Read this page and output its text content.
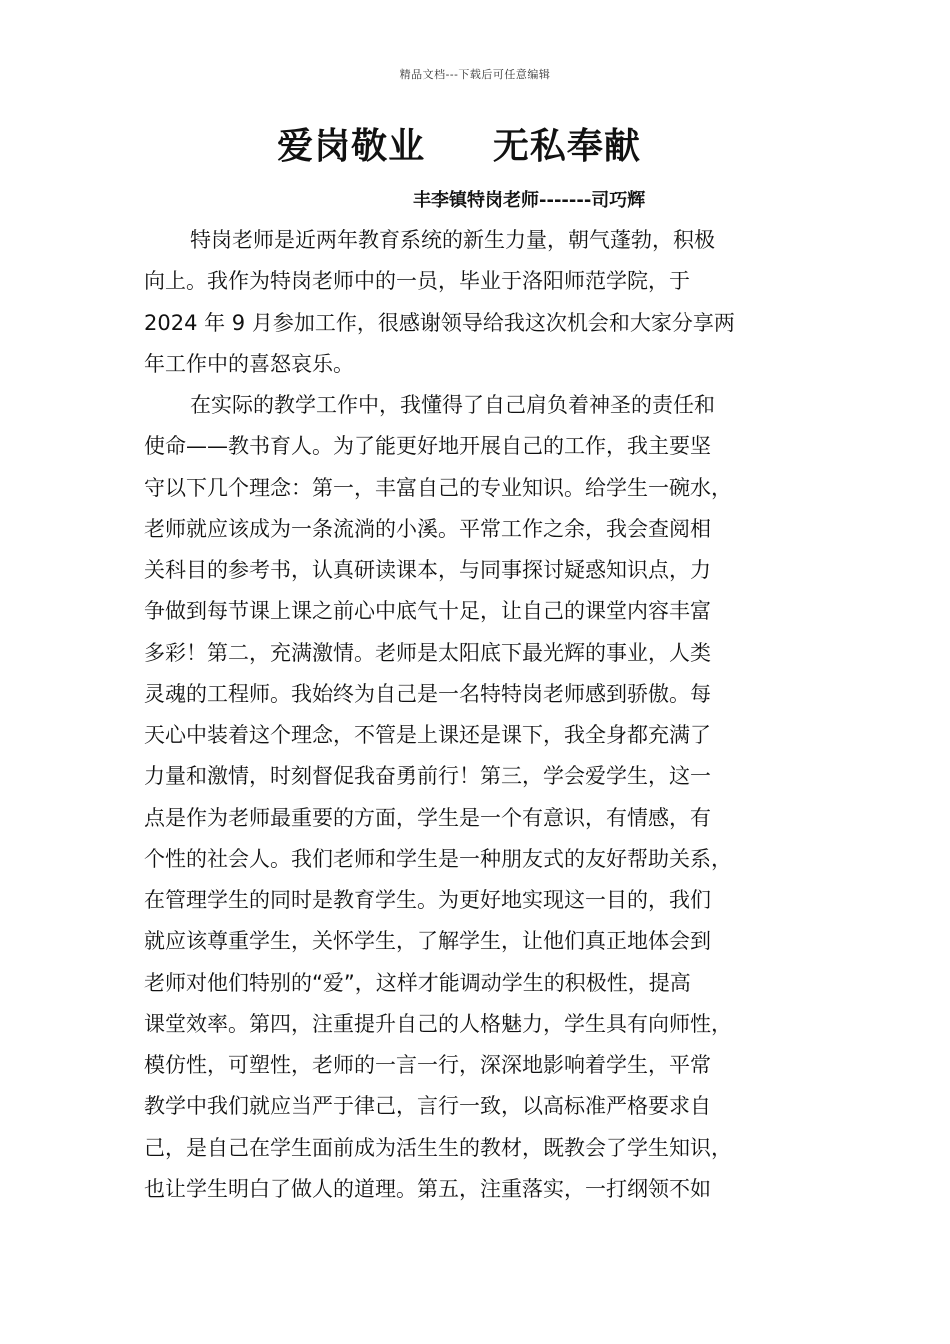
精品文档---下载后可任意编辑
爱岗敬业     无私奉献
丰李镇特岗老师-------司巧辉
特岗老师是近两年教育系统的新生力量，朝气蓬勃，积极
向上。我作为特岗老师中的一员，毕业于洛阳师范学院，于
2024 年 9 月参加工作，很感谢领导给我这次机会和大家分享两
年工作中的喜怒哀乐。
在实际的教学工作中，我懂得了自己肩负着神圣的责任和
使命——教书育人。为了能更好地开展自己的工作，我主要坚
守以下几个理念：第一，丰富自己的专业知识。给学生一碗水，
老师就应该成为一条流淌的小溪。平常工作之余，我会查阅相
关科目的参考书，认真研读课本，与同事探讨疑惑知识点，力
争做到每节课上课之前心中底气十足，让自己的课堂内容丰富
多彩！第二，充满激情。老师是太阳底下最光辉的事业，人类
灵魂的工程师。我始终为自己是一名特特岗老师感到骄傲。每
天心中装着这个理念，不管是上课还是课下，我全身都充满了
力量和激情，时刻督促我奋勇前行！第三，学会爱学生，这一
点是作为老师最重要的方面，学生是一个有意识，有情感，有
个性的社会人。我们老师和学生是一种朋友式的友好帮助关系，
在管理学生的同时是教育学生。为更好地实现这一目的，我们
就应该尊重学生，关怀学生，了解学生，让他们真正地体会到
老师对他们特别的“爱”，这样才能调动学生的积极性，提高
课堂效率。第四，注重提升自己的人格魅力，学生具有向师性，
模仿性，可塑性，老师的一言一行，深深地影响着学生，平常
教学中我们就应当严于律己，言行一致，以高标准严格要求自
己，是自己在学生面前成为活生生的教材，既教会了学生知识，
也让学生明白了做人的道理。第五，注重落实，一打纲领不如
